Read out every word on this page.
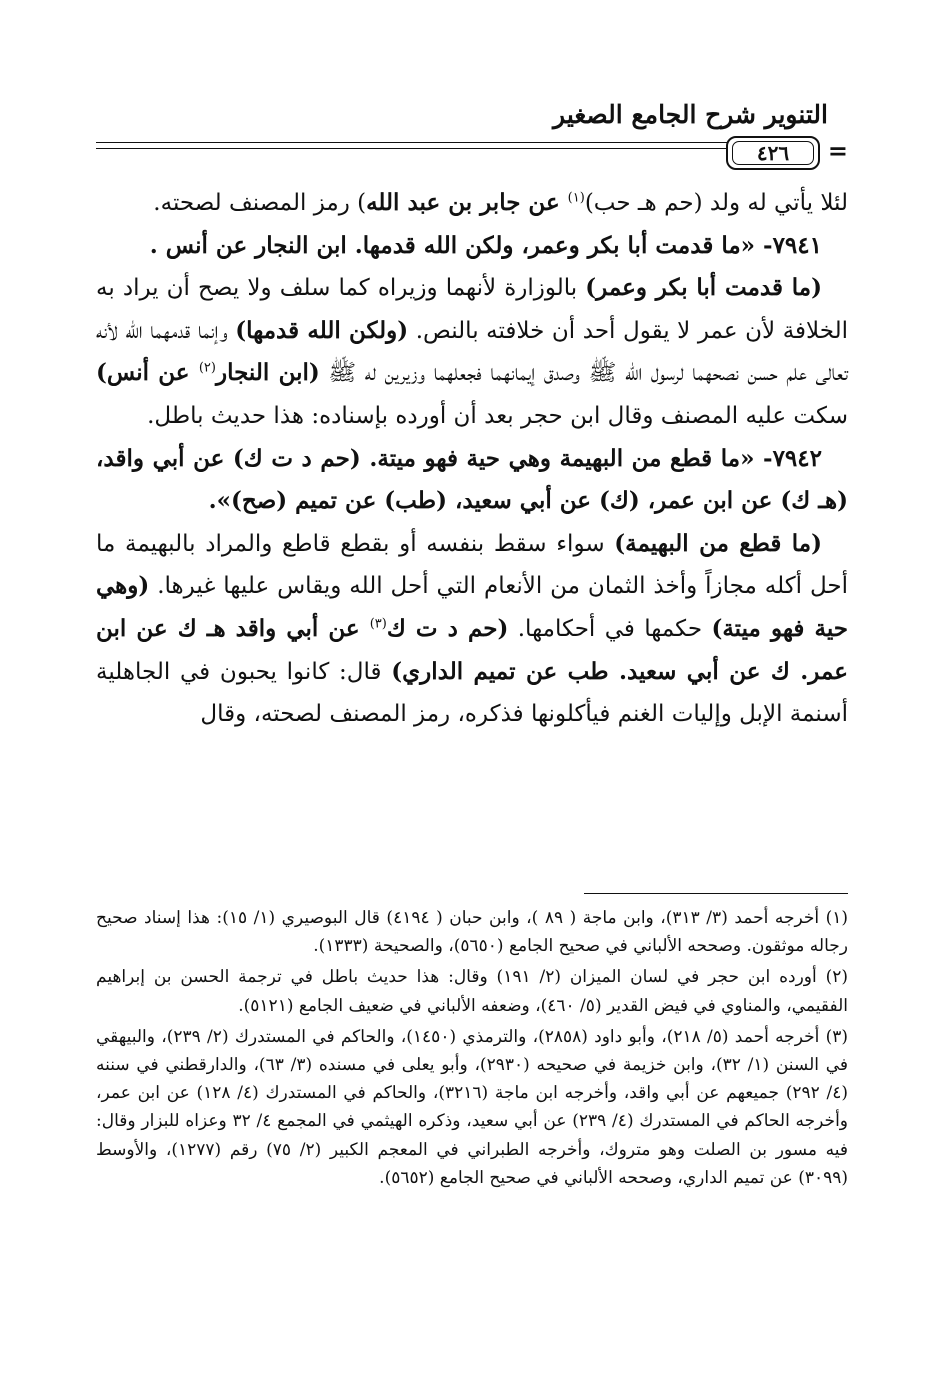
التنوير شرح الجامع الصغير
٤٢٦ =

لئلا يأتي له ولد (حم هـ حب)$^{(١)}$ عن جابر بن عبد الله) رمز المصنف لصحته.

٧٩٤١- «ما قدمت أبا بكر وعمر، ولكن الله قدمها. ابن النجار عن أنس .

(ما قدمت أبا بكر وعمر) بالوزارة لأنهما وزيراه كما سلف ولا يصح أن يراد به الخلافة لأن عمر لا يقول أحد أن خلافته بالنص. (ولكن الله قدمها) وإنما قدمهما الله لأنه تعالى علم حسن نصحهما لرسول الله ﷺ وصدق إيمانهما فجعلهما وزيرين له ﷺ (ابن النجار$^{(٢)}$ عن أنس) سكت عليه المصنف وقال ابن حجر بعد أن أورده بإسناده: هذا حديث باطل.

٧٩٤٢- «ما قطع من البهيمة وهي حية فهو ميتة. (حم د ت ك) عن أبي واقد، (هـ ك) عن ابن عمر، (ك) عن أبي سعيد، (طب) عن تميم (صح)».

(ما قطع من البهيمة) سواء سقط بنفسه أو بقطع قاطع والمراد بالبهيمة ما أحل أكله مجازاً وأخذ الثمان من الأنعام التي أحل الله ويقاس عليها غيرها. (وهي حية فهو ميتة) حكمها في أحكامها. (حم د ت ك$^{(٣)}$ عن أبي واقد هـ ك عن ابن عمر. ك عن أبي سعيد. طب عن تميم الداري) قال: كانوا يحبون في الجاهلية أسنمة الإبل وإليات الغنم فيأكلونها فذكره، رمز المصنف لصحته، وقال

(١) أخرجه أحمد (٣/ ٣١٣)، وابن ماجة ( ٨٩ )، وابن حبان ( ٤١٩٤) قال البوصيري (١/ ١٥): هذا إسناد صحيح رجاله موثقون. وصححه الألباني في صحيح الجامع (٥٦٥٠)، والصحيحة (١٣٣٣).

(٢) أورده ابن حجر في لسان الميزان (٢/ ١٩١) وقال: هذا حديث باطل في ترجمة الحسن بن إبراهيم الفقيمي، والمناوي في فيض القدير (٥/ ٤٦٠)، وضعفه الألباني في ضعيف الجامع (٥١٢١).

(٣) أخرجه أحمد (٥/ ٢١٨)، وأبو داود (٢٨٥٨)، والترمذي (١٤٥٠)، والحاكم في المستدرك (٢/ ٢٣٩)، والبيهقي في السنن (١/ ٣٢)، وابن خزيمة في صحيحه (٢٩٣٠)، وأبو يعلى في مسنده (٣/ ٦٣)، والدارقطني في سننه (٤/ ٢٩٢) جميعهم عن أبي واقد، وأخرجه ابن ماجة (٣٢١٦)، والحاكم في المستدرك (٤/ ١٢٨) عن ابن عمر، وأخرجه الحاكم في المستدرك (٤/ ٢٣٩) عن أبي سعيد، وذكره الهيثمي في المجمع ٤/ ٣٢ وعزاه للبزار وقال: فيه مسور بن الصلت وهو متروك، وأخرجه الطبراني في المعجم الكبير (٢/ ٧٥) رقم (١٢٧٧)، والأوسط (٣٠٩٩) عن تميم الداري، وصححه الألباني في صحيح الجامع (٥٦٥٢).
